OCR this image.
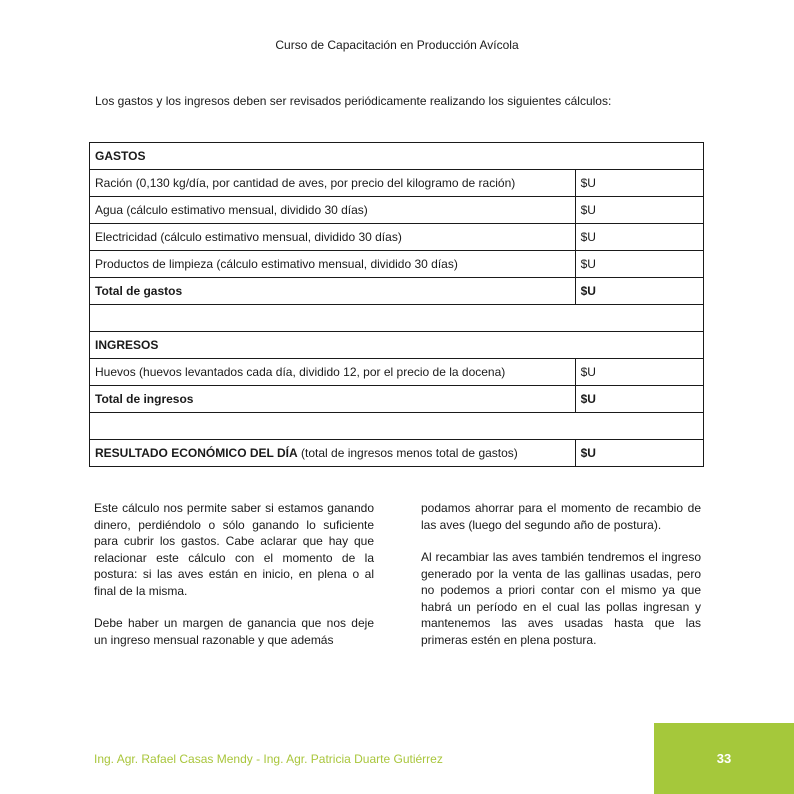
Curso de Capacitación en Producción Avícola
Los gastos y los ingresos deben ser revisados periódicamente realizando los siguientes cálculos:
GASTOS	
Ración (0,130 kg/día, por cantidad de aves, por precio del kilogramo de ración)	$U
Agua (cálculo estimativo mensual, dividido 30 días)	$U
Electricidad (cálculo estimativo mensual, dividido 30 días)	$U
Productos de limpieza (cálculo estimativo mensual, dividido 30 días)	$U
Total de gastos	$U

INGRESOS	
Huevos (huevos levantados cada día, dividido 12, por el precio de la docena)	$U
Total de ingresos	$U

RESULTADO ECONÓMICO DEL DÍA (total de ingresos menos total de gastos)	$U

Este cálculo nos permite saber si estamos ganando dinero, perdiéndolo o sólo ganando lo suficiente para cubrir los gastos. Cabe aclarar que hay que relacionar este cálculo con el momento de la postura: si las aves están en inicio, en plena o al final de la misma.

Debe haber un margen de ganancia que nos deje un ingreso mensual razonable y que además

podamos ahorrar para el momento de recambio de las aves (luego del segundo año de postura).

Al recambiar las aves también tendremos el ingreso generado por la venta de las gallinas usadas, pero no podemos a priori contar con el mismo ya que habrá un período en el cual las pollas ingresan y mantenemos las aves usadas hasta que las primeras estén en plena postura.

Ing. Agr. Rafael Casas Mendy - Ing. Agr. Patricia Duarte Gutiérrez	33
